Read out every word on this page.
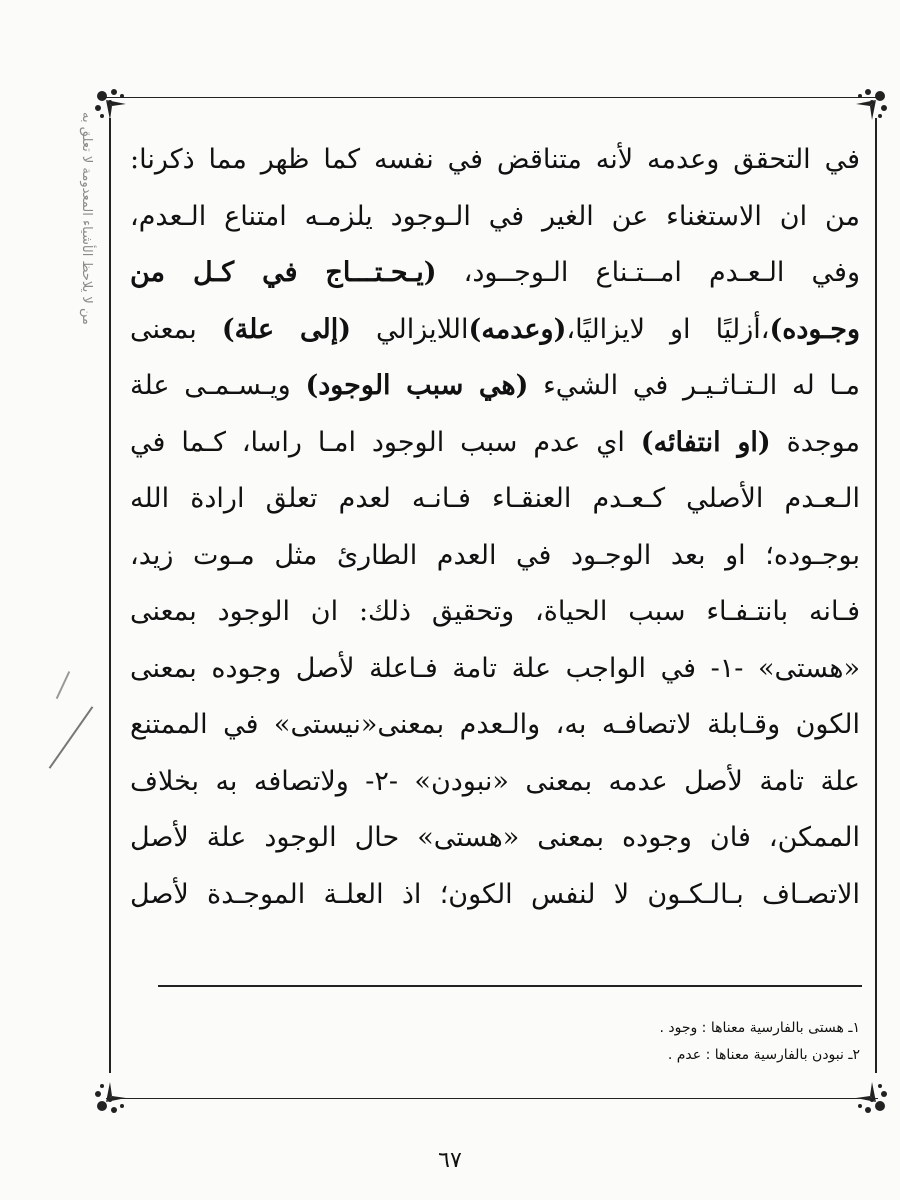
من لا يلاحظ الأشياء المعدومة لا تعلق به في التحقق وعدمه لأنه متناقض في نفسه كما ظهر مما ذكرنا:
من ان الاستغناء عن الغير في الـوجود يلزمـه امتناع الـعدم،
وفي الـعـدم امــتـناع الـوجــود، (يـحـتـــاج في كـل من
وجـوده)،أزليًا او لايزاليًا،(وعدمه)اللايزالي (إلى علة) بمعنى
مـا له الـتـاثـيـر في الشيء (هي سبب الوجود) ويـسـمـى علة
موجدة (او انتفائه) اي عدم سبب الوجود امـا راسا، كـما في
الـعـدم الأصلي كـعـدم العنقـاء فـانـه لعدم تعلق ارادة الله
بوجـوده؛ او بعد الوجـود في العدم الطارئ مثل مـوت زيد،
فـانه بانتـفـاء سبب الحياة، وتحقيق ذلك: ان الوجود بمعنى
«هستى» -١- في الواجب علة تامة فـاعلة لأصل وجوده بمعنى
الكون وقـابلة لاتصافـه به، والـعدم بمعنى«نيستى» في الممتنع
علة تامة لأصل عدمه بمعنى «نبودن» -٢- ولاتصافه به بخلاف
الممكن، فان وجوده بمعنى «هستى» حال الوجود علة لأصل
الاتصـاف بـالـكـون لا لنفس الكون؛ اذ العلـة الموجـدة لأصل
١ـ هستى بالفارسية معناها : وجود .
٢ـ نبودن بالفارسية معناها : عدم .
٦٧
